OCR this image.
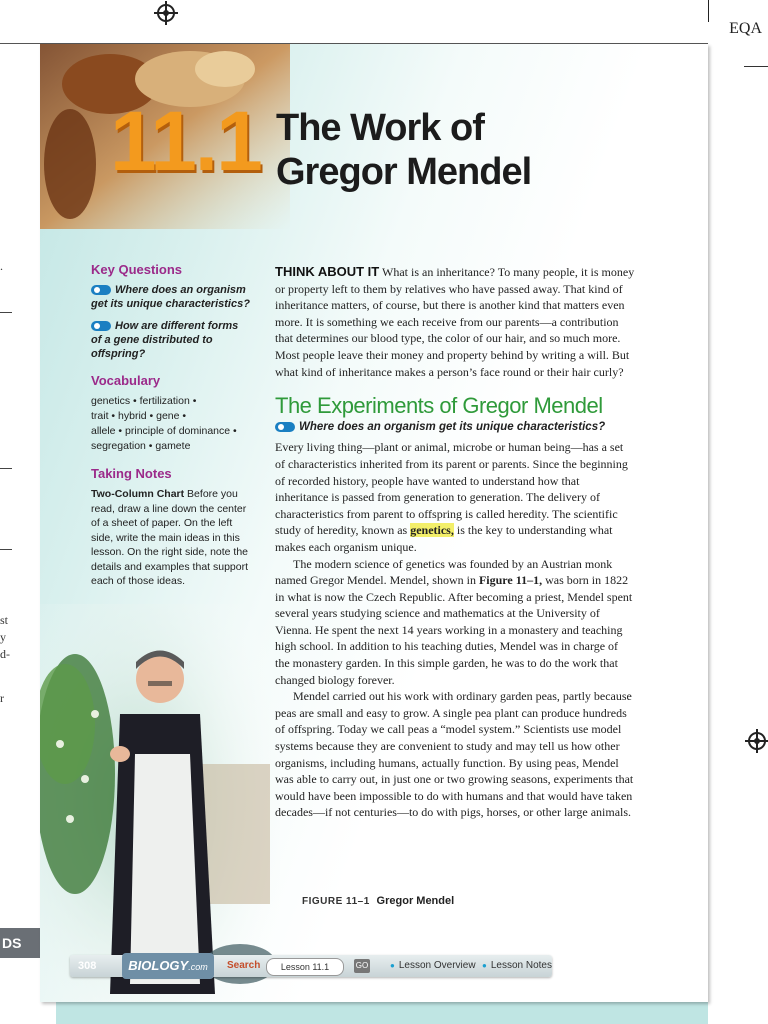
EQA
.
st
y
d-
r
DS
11.1 The Work of
Gregor Mendel
Key Questions
Where does an organism get its unique characteristics?
How are different forms of a gene distributed to offspring?
Vocabulary
genetics • fertilization •
trait • hybrid • gene •
allele • principle of dominance •
segregation • gamete
Taking Notes
Two-Column Chart Before you read, draw a line down the center of a sheet of paper. On the left side, write the main ideas in this lesson. On the right side, note the details and examples that support each of those ideas.

THINK ABOUT IT What is an inheritance? To many people, it is money or property left to them by relatives who have passed away. That kind of inheritance matters, of course, but there is another kind that matters even more. It is something we each receive from our parents—a contribution that determines our blood type, the color of our hair, and so much more. Most people leave their money and property behind by writing a will. But what kind of inheritance makes a person’s face round or their hair curly?

The Experiments of Gregor Mendel
Where does an organism get its unique characteristics?

Every living thing—plant or animal, microbe or human being—has a set of characteristics inherited from its parent or parents. Since the beginning of recorded history, people have wanted to understand how that inheritance is passed from generation to generation. The delivery of characteristics from parent to offspring is called heredity. The scientific study of heredity, known as genetics, is the key to understanding what makes each organism unique.

The modern science of genetics was founded by an Austrian monk named Gregor Mendel. Mendel, shown in Figure 11–1, was born in 1822 in what is now the Czech Republic. After becoming a priest, Mendel spent several years studying science and mathematics at the University of Vienna. He spent the next 14 years working in a monastery and teaching high school. In addition to his teaching duties, Mendel was in charge of the monastery garden. In this simple garden, he was to do the work that changed biology forever.

Mendel carried out his work with ordinary garden peas, partly because peas are small and easy to grow. A single pea plant can produce hundreds of offspring. Today we call peas a “model system.” Scientists use model systems because they are convenient to study and may tell us how other organisms, including humans, actually function. By using peas, Mendel was able to carry out, in just one or two growing seasons, experiments that would have been impossible to do with humans and that would have taken decades—if not centuries—to do with pigs, horses, or other large animals.

FIGURE 11–1 Gregor Mendel
308	BIOLOGY.com	Search	Lesson 11.1	GO	● Lesson Overview	● Lesson Notes
